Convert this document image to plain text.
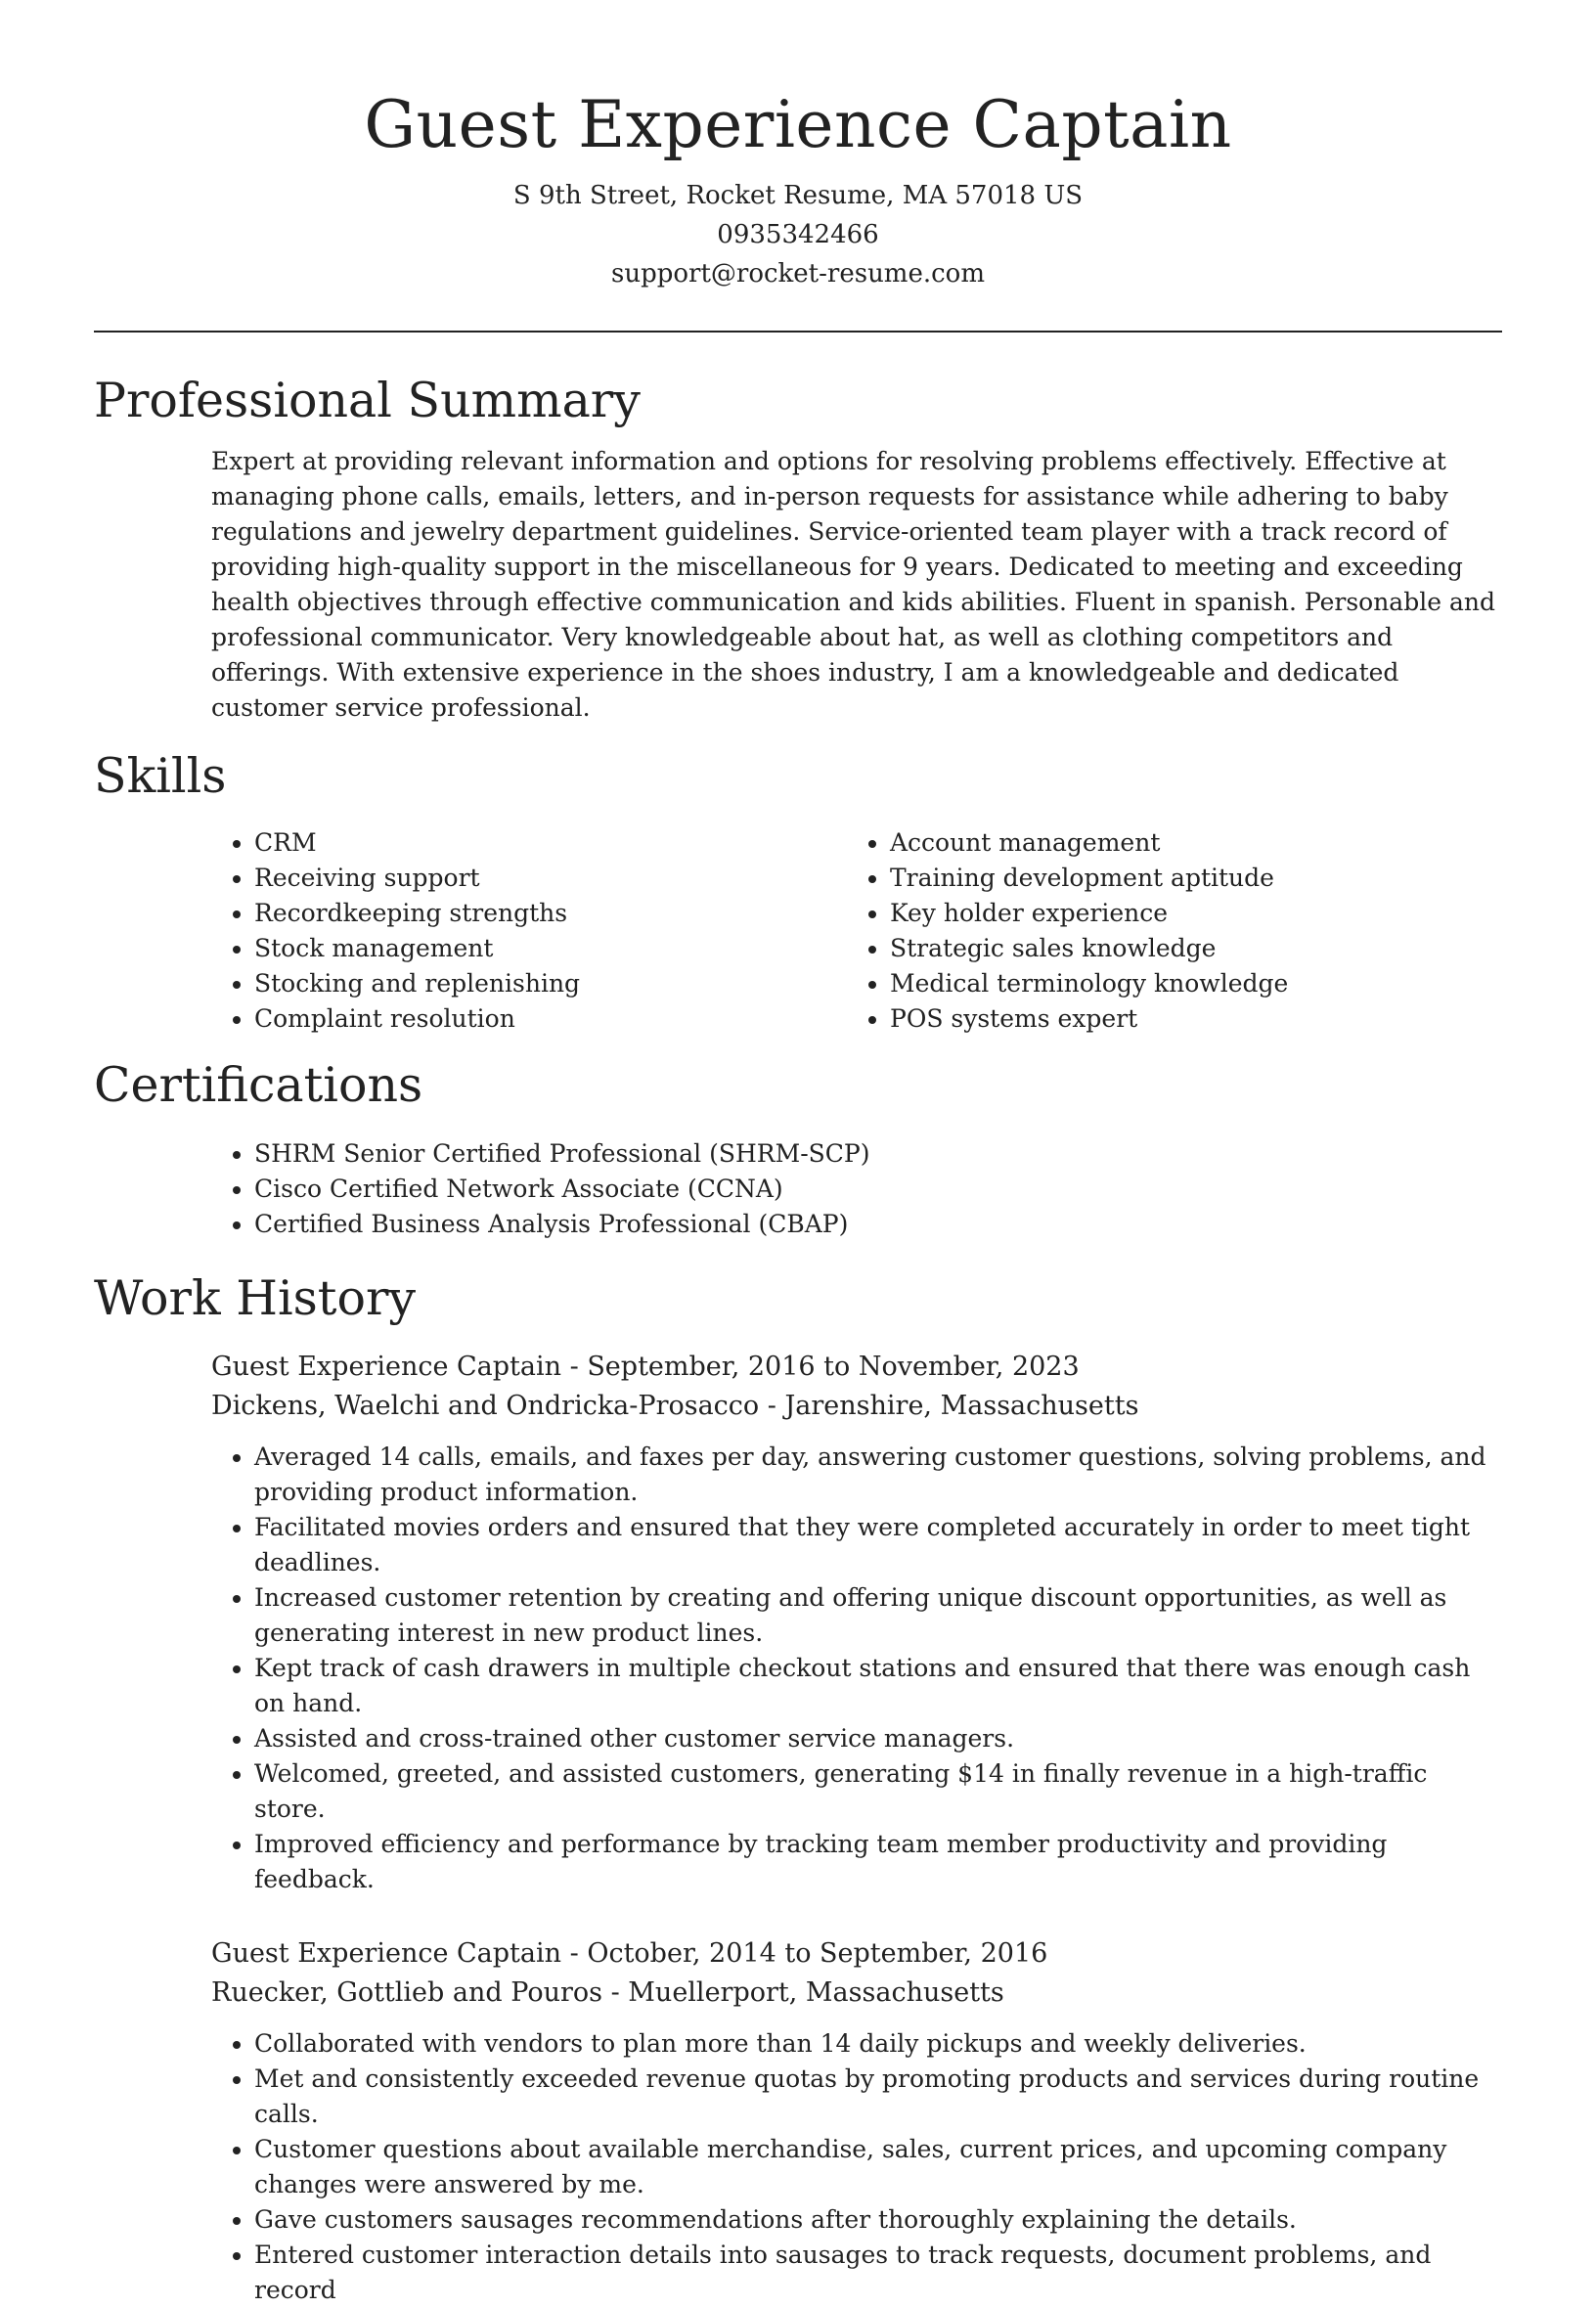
Guest Experience Captain

S 9th Street, Rocket Resume, MA 57018 US

0935342466

support@rocket-resume.com

Professional Summary

Expert at providing relevant information and options for resolving problems effectively. Effective at managing phone calls, emails, letters, and in-person requests for assistance while adhering to baby regulations and jewelry department guidelines. Service-oriented team player with a track record of providing high-quality support in the miscellaneous for 9 years. Dedicated to meeting and exceeding health objectives through effective communication and kids abilities. Fluent in spanish. Personable and professional communicator. Very knowledgeable about hat, as well as clothing competitors and offerings. With extensive experience in the shoes industry, I am a knowledgeable and dedicated customer service professional.

Skills
• CRM
• Receiving support
• Recordkeeping strengths
• Stock management
• Stocking and replenishing
• Complaint resolution
• Account management
• Training development aptitude
• Key holder experience
• Strategic sales knowledge
• Medical terminology knowledge
• POS systems expert
Certifications
• SHRM Senior Certified Professional (SHRM-SCP)
• Cisco Certified Network Associate (CCNA)
• Certified Business Analysis Professional (CBAP)
Work History

Guest Experience Captain - September, 2016 to November, 2023

Dickens, Waelchi and Ondricka-Prosacco - Jarenshire, Massachusetts

• Averaged 14 calls, emails, and faxes per day, answering customer questions, solving problems, and providing product information.
• Facilitated movies orders and ensured that they were completed accurately in order to meet tight deadlines.
• Increased customer retention by creating and offering unique discount opportunities, as well as generating interest in new product lines.
• Kept track of cash drawers in multiple checkout stations and ensured that there was enough cash on hand.
• Assisted and cross-trained other customer service managers.
• Welcomed, greeted, and assisted customers, generating $14 in finally revenue in a high-traffic store.
• Improved efficiency and performance by tracking team member productivity and providing feedback.

Guest Experience Captain - October, 2014 to September, 2016

Ruecker, Gottlieb and Pouros - Muellerport, Massachusetts

• Collaborated with vendors to plan more than 14 daily pickups and weekly deliveries.
• Met and consistently exceeded revenue quotas by promoting products and services during routine calls.
• Customer questions about available merchandise, sales, current prices, and upcoming company changes were answered by me.
• Gave customers sausages recommendations after thoroughly explaining the details.
• Entered customer interaction details into sausages to track requests, document problems, and record
